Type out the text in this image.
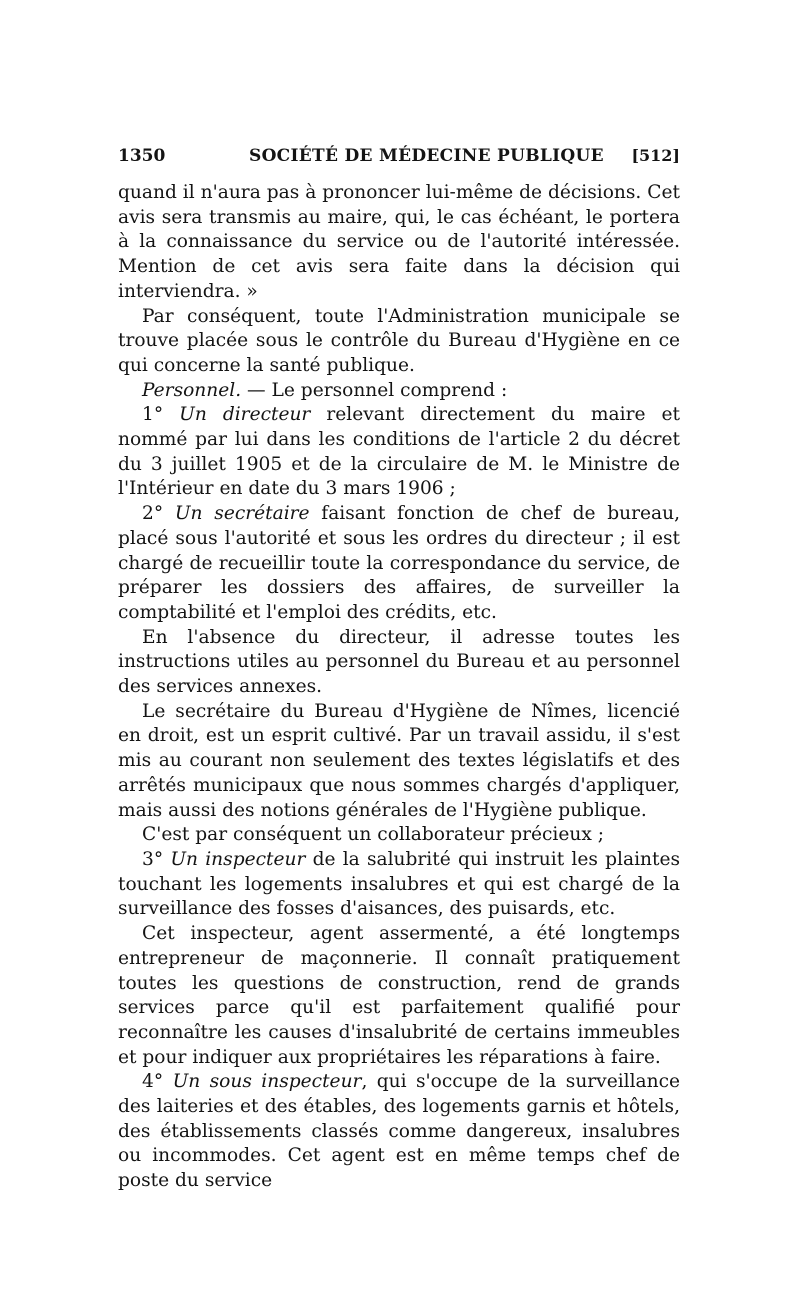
1350	SOCIÉTÉ DE MÉDECINE PUBLIQUE [512]

quand il n'aura pas à prononcer lui-même de décisions. Cet avis sera transmis au maire, qui, le cas échéant, le portera à la connaissance du service ou de l'autorité intéressée. Mention de cet avis sera faite dans la décision qui interviendra. »

Par conséquent, toute l'Administration municipale se trouve placée sous le contrôle du Bureau d'Hygiène en ce qui concerne la santé publique.

Personnel. — Le personnel comprend :

1° Un directeur relevant directement du maire et nommé par lui dans les conditions de l'article 2 du décret du 3 juillet 1905 et de la circulaire de M. le Ministre de l'Intérieur en date du 3 mars 1906 ;

2° Un secrétaire faisant fonction de chef de bureau, placé sous l'autorité et sous les ordres du directeur ; il est chargé de recueillir toute la correspondance du service, de préparer les dossiers des affaires, de surveiller la comptabilité et l'emploi des crédits, etc.

En l'absence du directeur, il adresse toutes les instructions utiles au personnel du Bureau et au personnel des services annexes.

Le secrétaire du Bureau d'Hygiène de Nîmes, licencié en droit, est un esprit cultivé. Par un travail assidu, il s'est mis au courant non seulement des textes législatifs et des arrêtés municipaux que nous sommes chargés d'appliquer, mais aussi des notions générales de l'Hygiène publique.

C'est par conséquent un collaborateur précieux ;

3° Un inspecteur de la salubrité qui instruit les plaintes touchant les logements insalubres et qui est chargé de la surveillance des fosses d'aisances, des puisards, etc.

Cet inspecteur, agent assermenté, a été longtemps entrepreneur de maçonnerie. Il connaît pratiquement toutes les questions de construction, rend de grands services parce qu'il est parfaitement qualifié pour reconnaître les causes d'insalubrité de certains immeubles et pour indiquer aux propriétaires les réparations à faire.

4° Un sous inspecteur, qui s'occupe de la surveillance des laiteries et des étables, des logements garnis et hôtels, des établissements classés comme dangereux, insalubres ou incommodes. Cet agent est en même temps chef de poste du service
